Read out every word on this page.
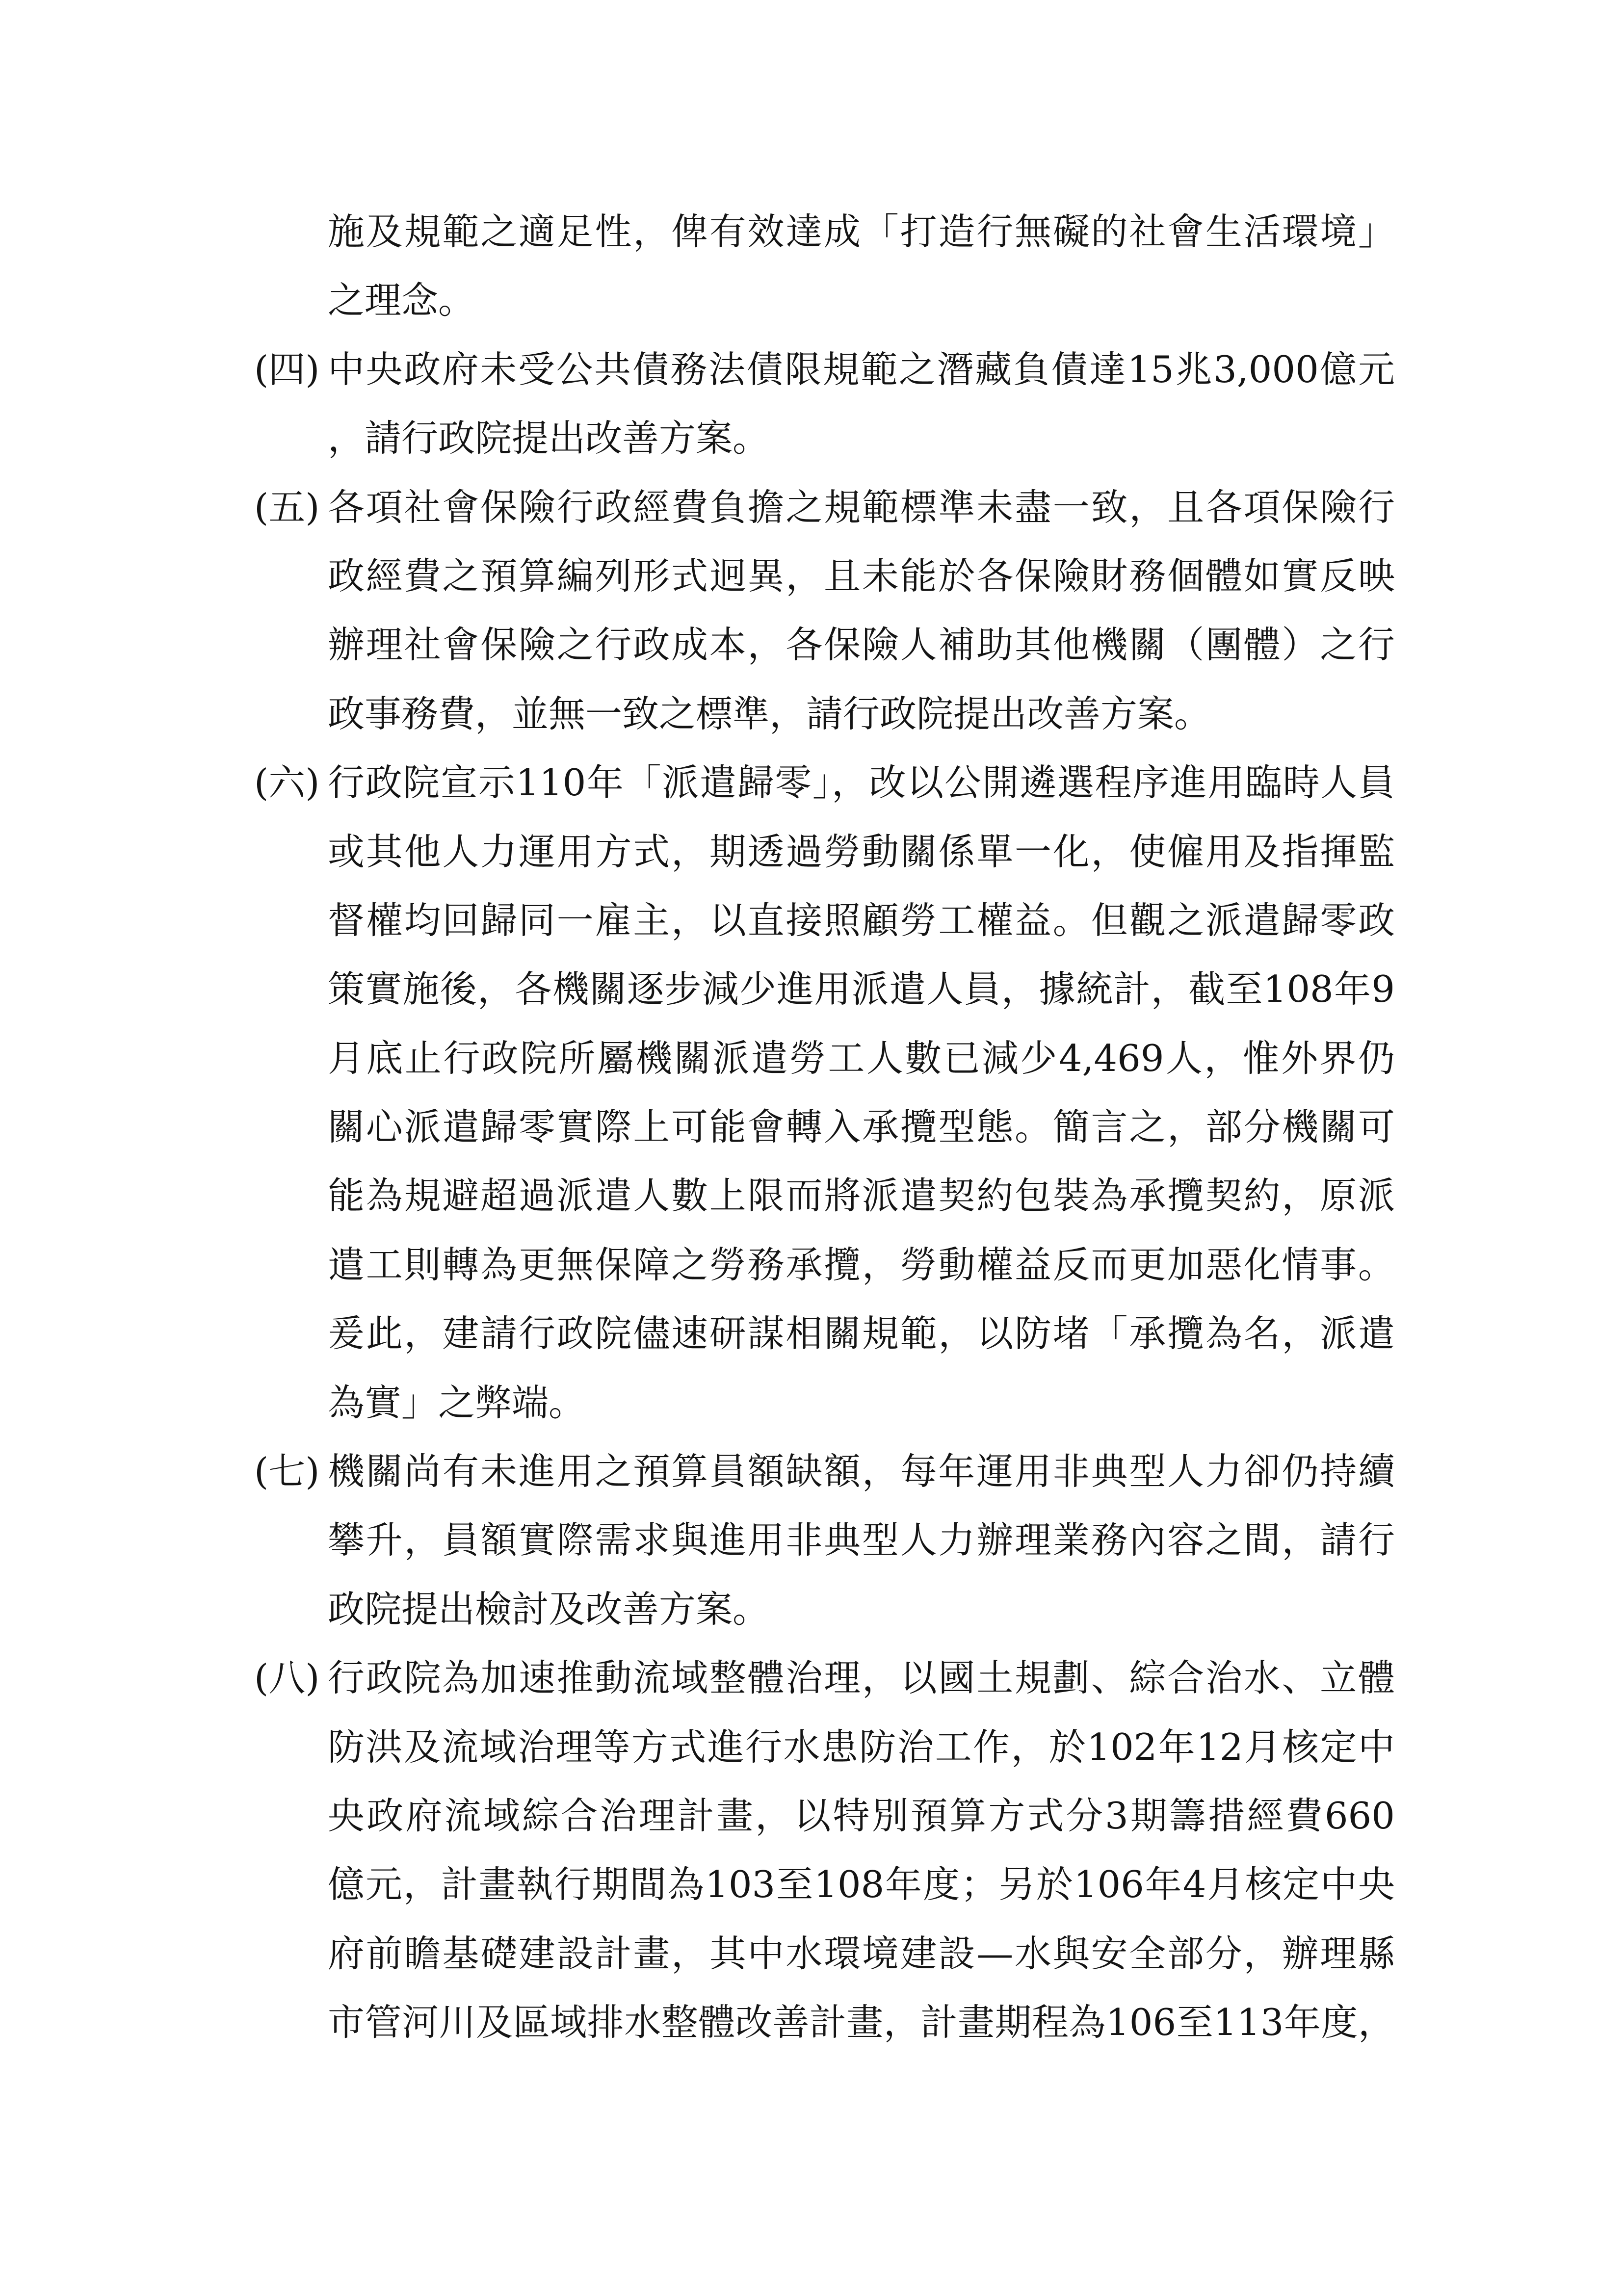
施及規範之適足性，俾有效達成「打造行無礙的社會生活環境」
之理念。
(四) 中央政府未受公共債務法債限規範之潛藏負債達15兆3,000億元
，請行政院提出改善方案。
(五) 各項社會保險行政經費負擔之規範標準未盡一致，且各項保險行
政經費之預算編列形式迥異，且未能於各保險財務個體如實反映
辦理社會保險之行政成本，各保險人補助其他機關（團體）之行
政事務費，並無一致之標準，請行政院提出改善方案。
(六) 行政院宣示110年「派遣歸零」，改以公開遴選程序進用臨時人員
或其他人力運用方式，期透過勞動關係單一化，使僱用及指揮監
督權均回歸同一雇主，以直接照顧勞工權益。但觀之派遣歸零政
策實施後，各機關逐步減少進用派遣人員，據統計，截至108年9
月底止行政院所屬機關派遣勞工人數已減少4,469人，惟外界仍
關心派遣歸零實際上可能會轉入承攬型態。簡言之，部分機關可
能為規避超過派遣人數上限而將派遣契約包裝為承攬契約，原派
遣工則轉為更無保障之勞務承攬，勞動權益反而更加惡化情事。
爰此，建請行政院儘速研謀相關規範，以防堵「承攬為名，派遣
為實」之弊端。
(七) 機關尚有未進用之預算員額缺額，每年運用非典型人力卻仍持續
攀升，員額實際需求與進用非典型人力辦理業務內容之間，請行
政院提出檢討及改善方案。
(八) 行政院為加速推動流域整體治理，以國土規劃、綜合治水、立體
防洪及流域治理等方式進行水患防治工作，於102年12月核定中
央政府流域綜合治理計畫，以特別預算方式分3期籌措經費660
億元，計畫執行期間為103至108年度；另於106年4月核定中央
府前瞻基礎建設計畫，其中水環境建設—水與安全部分，辦理縣
市管河川及區域排水整體改善計畫，計畫期程為106至113年度，
